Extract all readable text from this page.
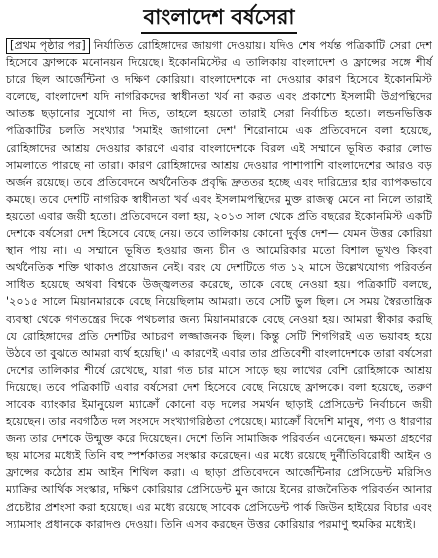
বাংলাদেশ বর্ষসেরা

[প্রথম পৃষ্ঠার পর] নির্যাতিত রোহিঙ্গাদের জায়গা দেওয়ায়। যদিও শেষ পর্যন্ত পত্রিকাটি সেরা দেশ হিসেবে ফ্রান্সকে মনোনয়ন দিয়েছে। ইকোনমিস্টের এ তালিকায় বাংলাদেশ ও ফ্রান্সের সঙ্গে শীর্ষ চারে ছিল আর্জেন্টিনা ও দক্ষিণ কোরিয়া। বাংলাদেশকে না দেওয়ার কারণ হিসেবে ইকোনমিস্ট বলেছে, বাংলাদেশ যদি নাগরিকদের স্বাধীনতা খর্ব না করত এবং প্রকাশ্যে ইসলামী উগ্রপন্থিদের আতঙ্ক ছড়ানোর সুযোগ না দিত, তাহলে হয়তো তারাই সেরা নির্বাচিত হতো। লন্ডনভিত্তিক পত্রিকাটির চলতি সংখ্যার 'সমাইং জাগানো দেশ' শিরোনামে এক প্রতিবেদনে বলা হয়েছে, রোহিঙ্গাদের আশ্রয় দেওয়ার কারণে এবার বাংলাদেশকে বিরল এই সম্মানে ভূষিত করার লোভ সামলাতে পারছে না তারা। কারণ রোহিঙ্গাদের আশ্রয় দেওয়ার পাশাপাশি বাংলাদেশের আরও বড় অর্জন রয়েছে। তবে প্রতিবেদনে অর্থনৈতিক প্রবৃদ্ধি দ্রুততর হচ্ছে এবং দারিদ্র্যের হার ব্যাপকভাবে কমছে। তবে দেশটি নাগরিক স্বাধীনতা খর্ব এবং ইসলামপন্থিদের মুক্ত রাজত্ব মেনে না নিলে তারাই হয়তো এবার জয়ী হতো। প্রতিবেদনে বলা হয়, ২০১৩ সাল থেকে প্রতি বছরের ইকোনমিস্ট একটি দেশকে বর্ষসেরা দেশ হিসেবে বেছে নেয়। তবে তালিকায় কোনো দুর্বৃত্ত দেশ— যেমন উত্তর কোরিয়া স্থান পায় না। এ সম্মানে ভূষিত হওয়ার জন্য চীন ও আমেরিকার মতো বিশাল ভূখণ্ড কিংবা অর্থনৈতিক শক্তি থাকাও প্রয়োজন নেই। বরং যে দেশটিতে গত ১২ মাসে উল্লেখযোগ্য পরিবর্তন সাধিত হয়েছে অথবা বিশ্বকে উজ্জ্বলতর করেছে, তাকে বেছে নেওয়া হয়। পত্রিকাটি বলছে, '২০১৫ সালে মিয়ানমারকে বেছে নিয়েছিলাম আমরা। তবে সেটি ভুল ছিল। সে সময় স্বৈরতান্ত্রিক ব্যবস্থা থেকে গণতন্ত্রের দিকে পথচলার জন্য মিয়ানমারকে বেছে নেওয়া হয়। আমরা স্বীকার করছি যে রোহিঙ্গাদের প্রতি দেশটির আচরণ লজ্জাজনক ছিল। কিন্তু সেটি শিগগিরই এত ভয়াবহ হয়ে উঠবে তা বুঝতে আমরা ব্যর্থ হয়েছি।' এ কারণেই এবার তার প্রতিবেশী বাংলাদেশকে তারা বর্ষসেরা দেশের তালিকার শীর্ষে রেখেছে, যারা গত চার মাসে সাড়ে ছয় লাখের বেশি রোহিঙ্গাকে আশ্রয় দিয়েছে। তবে পত্রিকাটি এবার বর্ষসেরা দেশ হিসেবে বেছে নিয়েছে ফ্রান্সকে। বলা হয়েছে, তরুণ সাবেক ব্যাংকার ইমানুয়েল ম্যাক্রোঁ কোনো বড় দলের সমর্থন ছাড়াই প্রেসিডেন্ট নির্বাচনে জয়ী হয়েছেন। তার নবগঠিত দল সংসদে সংখ্যাগরিষ্ঠতা পেয়েছে। ম্যাক্রোঁ বিদেশি মানুষ, পণ্য ও ধারণার জন্য তার দেশকে উন্মুক্ত করে দিয়েছেন। দেশে তিনি সামাজিক পরিবর্তন এনেছেন। ক্ষমতা গ্রহণের ছয় মাসের মধ্যেই তিনি বহু স্পর্শকাতর সংস্কার করেছেন। এর মধ্যে রয়েছে দুর্নীতিবিরোধী আইন ও ফ্রান্সের কঠোর শ্রম আইন শিথিল করা। এ ছাড়া প্রতিবেদনে আর্জেন্টিনার প্রেসিডেন্ট মরিসিও ম্যাক্রির আর্থিক সংস্কার, দক্ষিণ কোরিয়ার প্রেসিডেন্ট মুন জায়ে ইনের রাজনৈতিক পরিবর্তন আনার প্রচেষ্টার প্রশংসা করা হয়েছে। এর মধ্যে রয়েছে সাবেক প্রেসিডেন্ট পার্ক জিউন হাইয়ের বিচার এবং স্যামসাং প্রধানকে কারাদণ্ড দেওয়া। তিনি এসব করছেন উত্তর কোরিয়ার পরমাণু হুমকির মধ্যেই।
